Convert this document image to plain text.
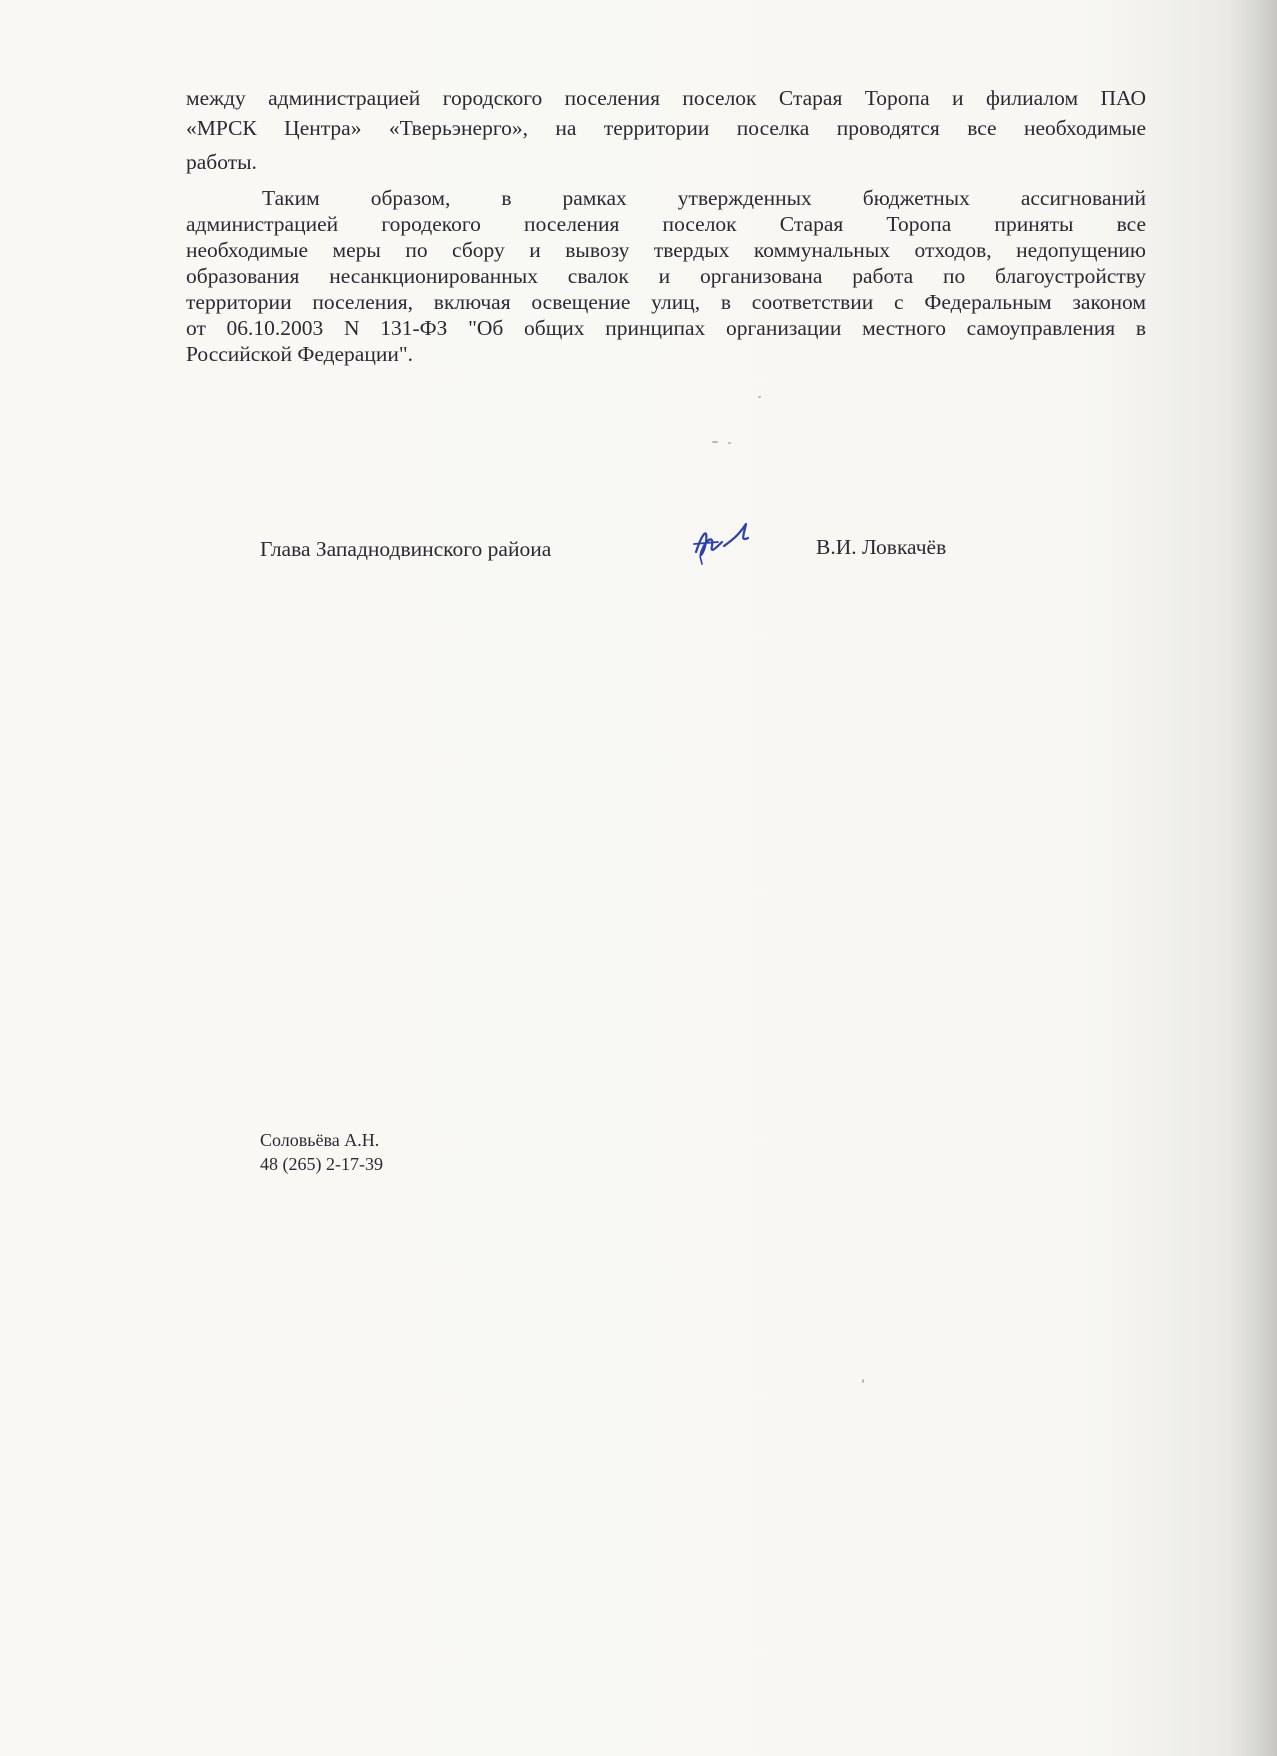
между администрацией городского поселения поселок Старая Торопа и филиалом ПАО
«МРСК Центра» «Тверьэнерго», на территории поселка проводятся все необходимые
работы.
Таким образом, в рамках утвержденных бюджетных ассигнований
администрацией городекого поселения поселок Старая Торопа приняты все
необходимые меры по сбору и вывозу твердых коммунальных отходов, недопущению
образования несанкционированных свалок и организована работа по благоустройству
территории поселения, включая освещение улиц, в соответствии с Федеральным законом
от 06.10.2003 N 131-ФЗ "Об общих принципах организации местного самоуправления в
Российской Федерации".
Глава Западнодвинского райоиа	В.И. Ловкачёв
Соловьёва А.Н.
48 (265) 2-17-39
